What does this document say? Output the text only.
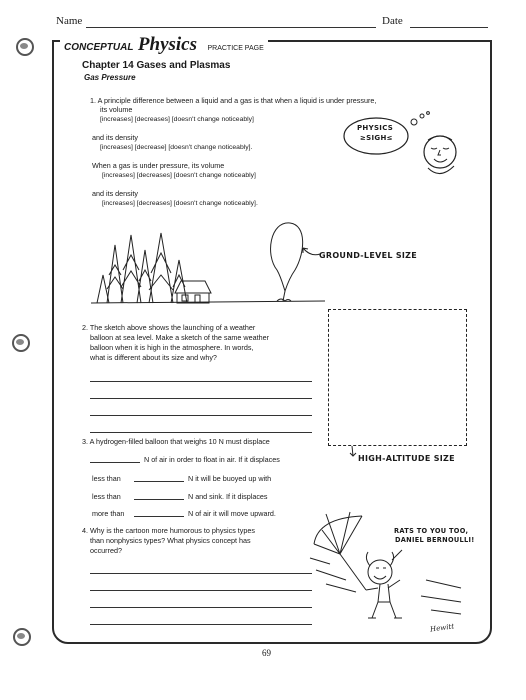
Name	Date
CONCEPTUAL Physics PRACTICE PAGE
Chapter 14 Gases and Plasmas
Gas Pressure
1. A principle difference between a liquid and a gas is that when a liquid is under pressure,
its volume
[increases] [decreases] [doesn't change noticeably]
and its density
[increases] [decrease] [doesn't change noticeably].
When a gas is under pressure, its volume
[increases] [decreases] [doesn't change noticeably]
and its density
[increases] [decreases] [doesn't change noticeably].
PHYSICS
≥SIGH≤
GROUND-LEVEL SIZE
HIGH-ALTITUDE SIZE
2. The sketch above shows the launching of a weather
balloon at sea level. Make a sketch of the same weather
balloon when it is high in the atmosphere. In words,
what is different about its size and why?
3. A hydrogen-filled balloon that weighs 10 N must displace
N of air in order to float in air. If it displaces
less than	N it will be buoyed up with
less than	N and sink. If it displaces
more than	N of air it will move upward.
4. Why is the cartoon more humorous to physics types
than nonphysics types? What physics concept has
occurred?
RATS TO YOU TOO,
DANIEL BERNOULLI!
Hewitt
69
